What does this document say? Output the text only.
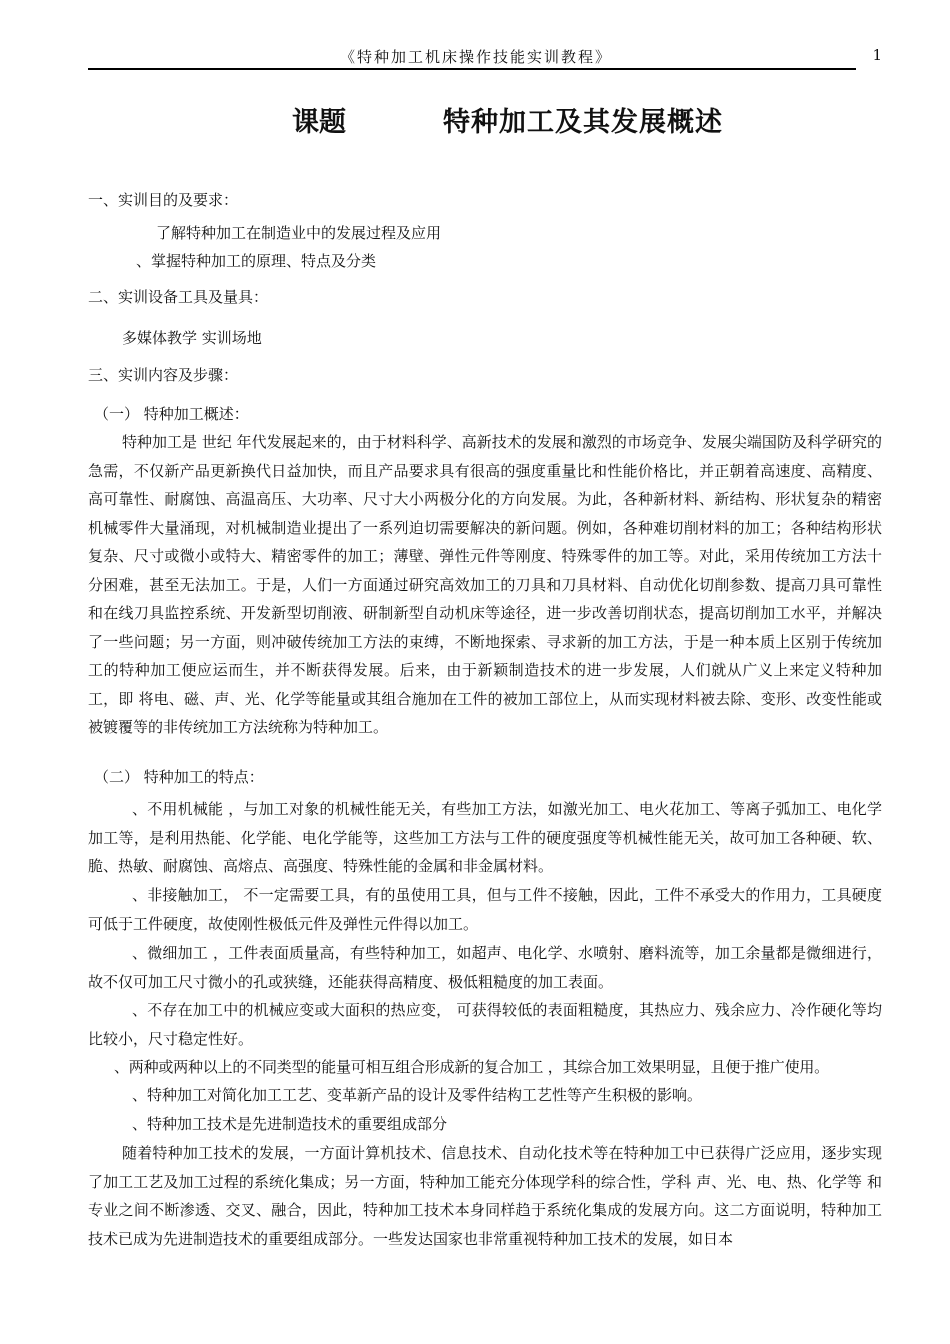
《特种加工机床操作技能实训教程》	1
课题	特种加工及其发展概述
一、实训目的及要求：
了解特种加工在制造业中的发展过程及应用
、掌握特种加工的原理、特点及分类
二、实训设备工具及量具：
多媒体教学 实训场地
三、实训内容及步骤：
（一） 特种加工概述：
特种加工是 世纪 年代发展起来的，由于材料科学、高新技术的发展和激烈的市场竞争、发展尖端国防及科学研究的急需，不仅新产品更新换代日益加快，而且产品要求具有很高的强度重量比和性能价格比，并正朝着高速度、高精度、高可靠性、耐腐蚀、高温高压、大功率、尺寸大小两极分化的方向发展。为此，各种新材料、新结构、形状复杂的精密机械零件大量涌现，对机械制造业提出了一系列迫切需要解决的新问题。例如，各种难切削材料的加工；各种结构形状复杂、尺寸或微小或特大、精密零件的加工；薄壁、弹性元件等刚度、特殊零件的加工等。对此，采用传统加工方法十分困难，甚至无法加工。于是，人们一方面通过研究高效加工的刀具和刀具材料、自动优化切削参数、提高刀具可靠性和在线刀具监控系统、开发新型切削液、研制新型自动机床等途径，进一步改善切削状态，提高切削加工水平，并解决了一些问题；另一方面，则冲破传统加工方法的束缚，不断地探索、寻求新的加工方法，于是一种本质上区别于传统加工的特种加工便应运而生，并不断获得发展。后来，由于新颖制造技术的进一步发展，人们就从广义上来定义特种加工，即 将电、磁、声、光、化学等能量或其组合施加在工件的被加工部位上，从而实现材料被去除、变形、改变性能或被镀覆等的非传统加工方法统称为特种加工。
（二） 特种加工的特点：
、不用机械能 ，与加工对象的机械性能无关，有些加工方法，如激光加工、电火花加工、等离子弧加工、电化学加工等，是利用热能、化学能、电化学能等，这些加工方法与工件的硬度强度等机械性能无关，故可加工各种硬、软、脆、热敏、耐腐蚀、高熔点、高强度、特殊性能的金属和非金属材料。
、非接触加工， 不一定需要工具，有的虽使用工具，但与工件不接触，因此，工件不承受大的作用力，工具硬度可低于工件硬度，故使刚性极低元件及弹性元件得以加工。
、微细加工 ，工件表面质量高，有些特种加工，如超声、电化学、水喷射、磨料流等，加工余量都是微细进行，故不仅可加工尺寸微小的孔或狭缝，还能获得高精度、极低粗糙度的加工表面。
、不存在加工中的机械应变或大面积的热应变， 可获得较低的表面粗糙度，其热应力、残余应力、冷作硬化等均比较小，尺寸稳定性好。
、两种或两种以上的不同类型的能量可相互组合形成新的复合加工 ，其综合加工效果明显，且便于推广使用。
、特种加工对简化加工工艺、变革新产品的设计及零件结构工艺性等产生积极的影响。
、特种加工技术是先进制造技术的重要组成部分
随着特种加工技术的发展，一方面计算机技术、信息技术、自动化技术等在特种加工中已获得广泛应用，逐步实现了加工工艺及加工过程的系统化集成；另一方面，特种加工能充分体现学科的综合性，学科 声、光、电、热、化学等 和专业之间不断渗透、交叉、融合，因此，特种加工技术本身同样趋于系统化集成的发展方向。这二方面说明，特种加工技术已成为先进制造技术的重要组成部分。一些发达国家也非常重视特种加工技术的发展，如日本
